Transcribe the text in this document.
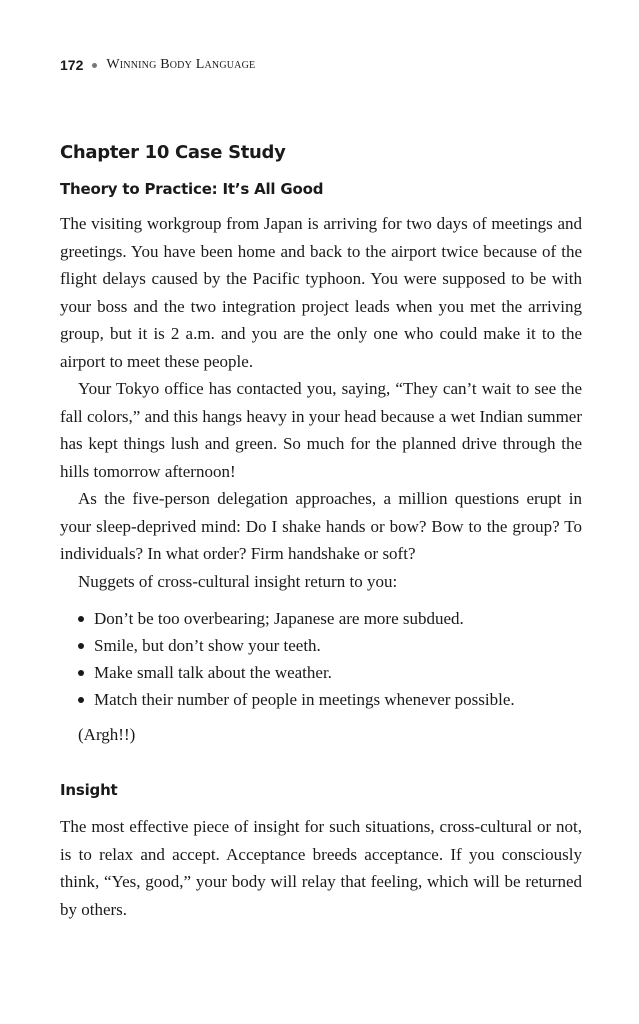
172 Winning Body Language
Chapter 10 Case Study
Theory to Practice: It’s All Good

The visiting workgroup from Japan is arriving for two days of meetings and greetings. You have been home and back to the airport twice because of the flight delays caused by the Pacific typhoon. You were supposed to be with your boss and the two integration project leads when you met the arriving group, but it is 2 a.m. and you are the only one who could make it to the airport to meet these people.

Your Tokyo office has contacted you, saying, “They can’t wait to see the fall colors,” and this hangs heavy in your head because a wet Indian summer has kept things lush and green. So much for the planned drive through the hills tomorrow afternoon!

As the five-person delegation approaches, a million questions erupt in your sleep-deprived mind: Do I shake hands or bow? Bow to the group? To individuals? In what order? Firm handshake or soft?

Nuggets of cross-cultural insight return to you:

Don’t be too overbearing; Japanese are more subdued.
Smile, but don’t show your teeth.
Make small talk about the weather.
Match their number of people in meetings whenever possible.

(Argh!!)

Insight

The most effective piece of insight for such situations, cross-cultural or not, is to relax and accept. Acceptance breeds acceptance. If you consciously think, “Yes, good,” your body will relay that feeling, which will be returned by others.
